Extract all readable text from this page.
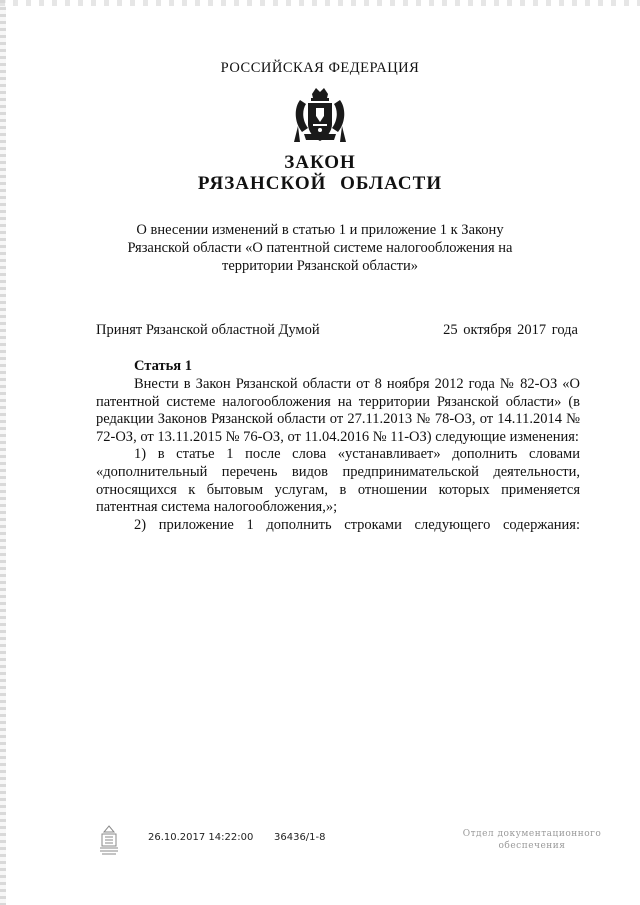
РОССИЙСКАЯ ФЕДЕРАЦИЯ
ЗАКОН
РЯЗАНСКОЙ ОБЛАСТИ
О внесении изменений в статью 1 и приложение 1 к Закону Рязанской области «О патентной системе налогообложения на территории Рязанской области»
Принят Рязанской областной Думой	25 октября 2017 года
Статья 1

Внести в Закон Рязанской области от 8 ноября 2012 года № 82-ОЗ «О патентной системе налогообложения на территории Рязанской области» (в редакции Законов Рязанской области от 27.11.2013 № 78-ОЗ, от 14.11.2014 № 72-ОЗ, от 13.11.2015 № 76-ОЗ, от 11.04.2016 № 11-ОЗ) следующие изменения:

1) в статье 1 после слова «устанавливает» дополнить словами «дополнительный перечень видов предпринимательской деятельности, относящихся к бытовым услугам, в отношении которых применяется патентная система налогообложения,»;

2) приложение 1 дополнить строками следующего содержания:

26.10.2017 14:22:00 36436/1-8	Отдел документационного обеспечения
